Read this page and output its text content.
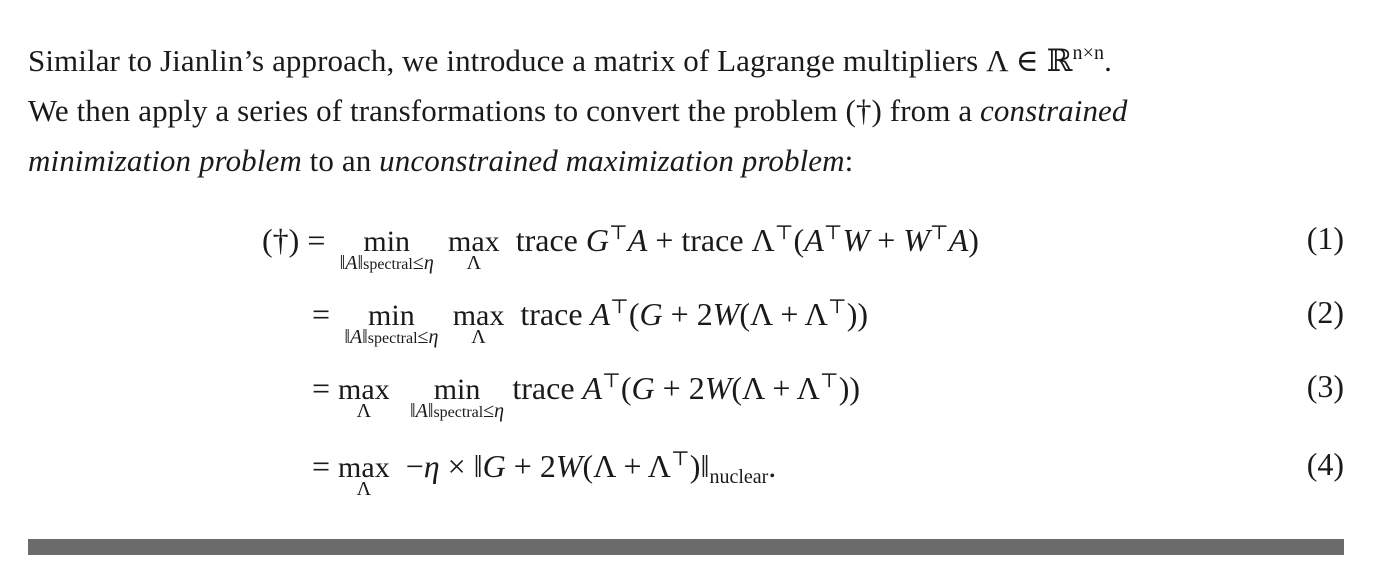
Similar to Jianlin’s approach, we introduce a matrix of Lagrange multipliers Λ ∈ ℝ$^{n\times n}$.
We then apply a series of transformations to convert the problem (†) from a constrained
minimization problem to an unconstrained maximization problem:
(†) = min
‖A‖spectral≤η
max
Λ
trace G⊤A + trace Λ⊤(A⊤W + W⊤A)	(1)
= min
‖A‖spectral≤η
max
Λ
trace A⊤(G + 2W(Λ + Λ⊤))	(2)
= max
Λ
min
‖A‖spectral≤η
trace A⊤(G + 2W(Λ + Λ⊤))	(3)
= max
Λ
−η × ‖G + 2W(Λ + Λ⊤)‖nuclear.	(4)
